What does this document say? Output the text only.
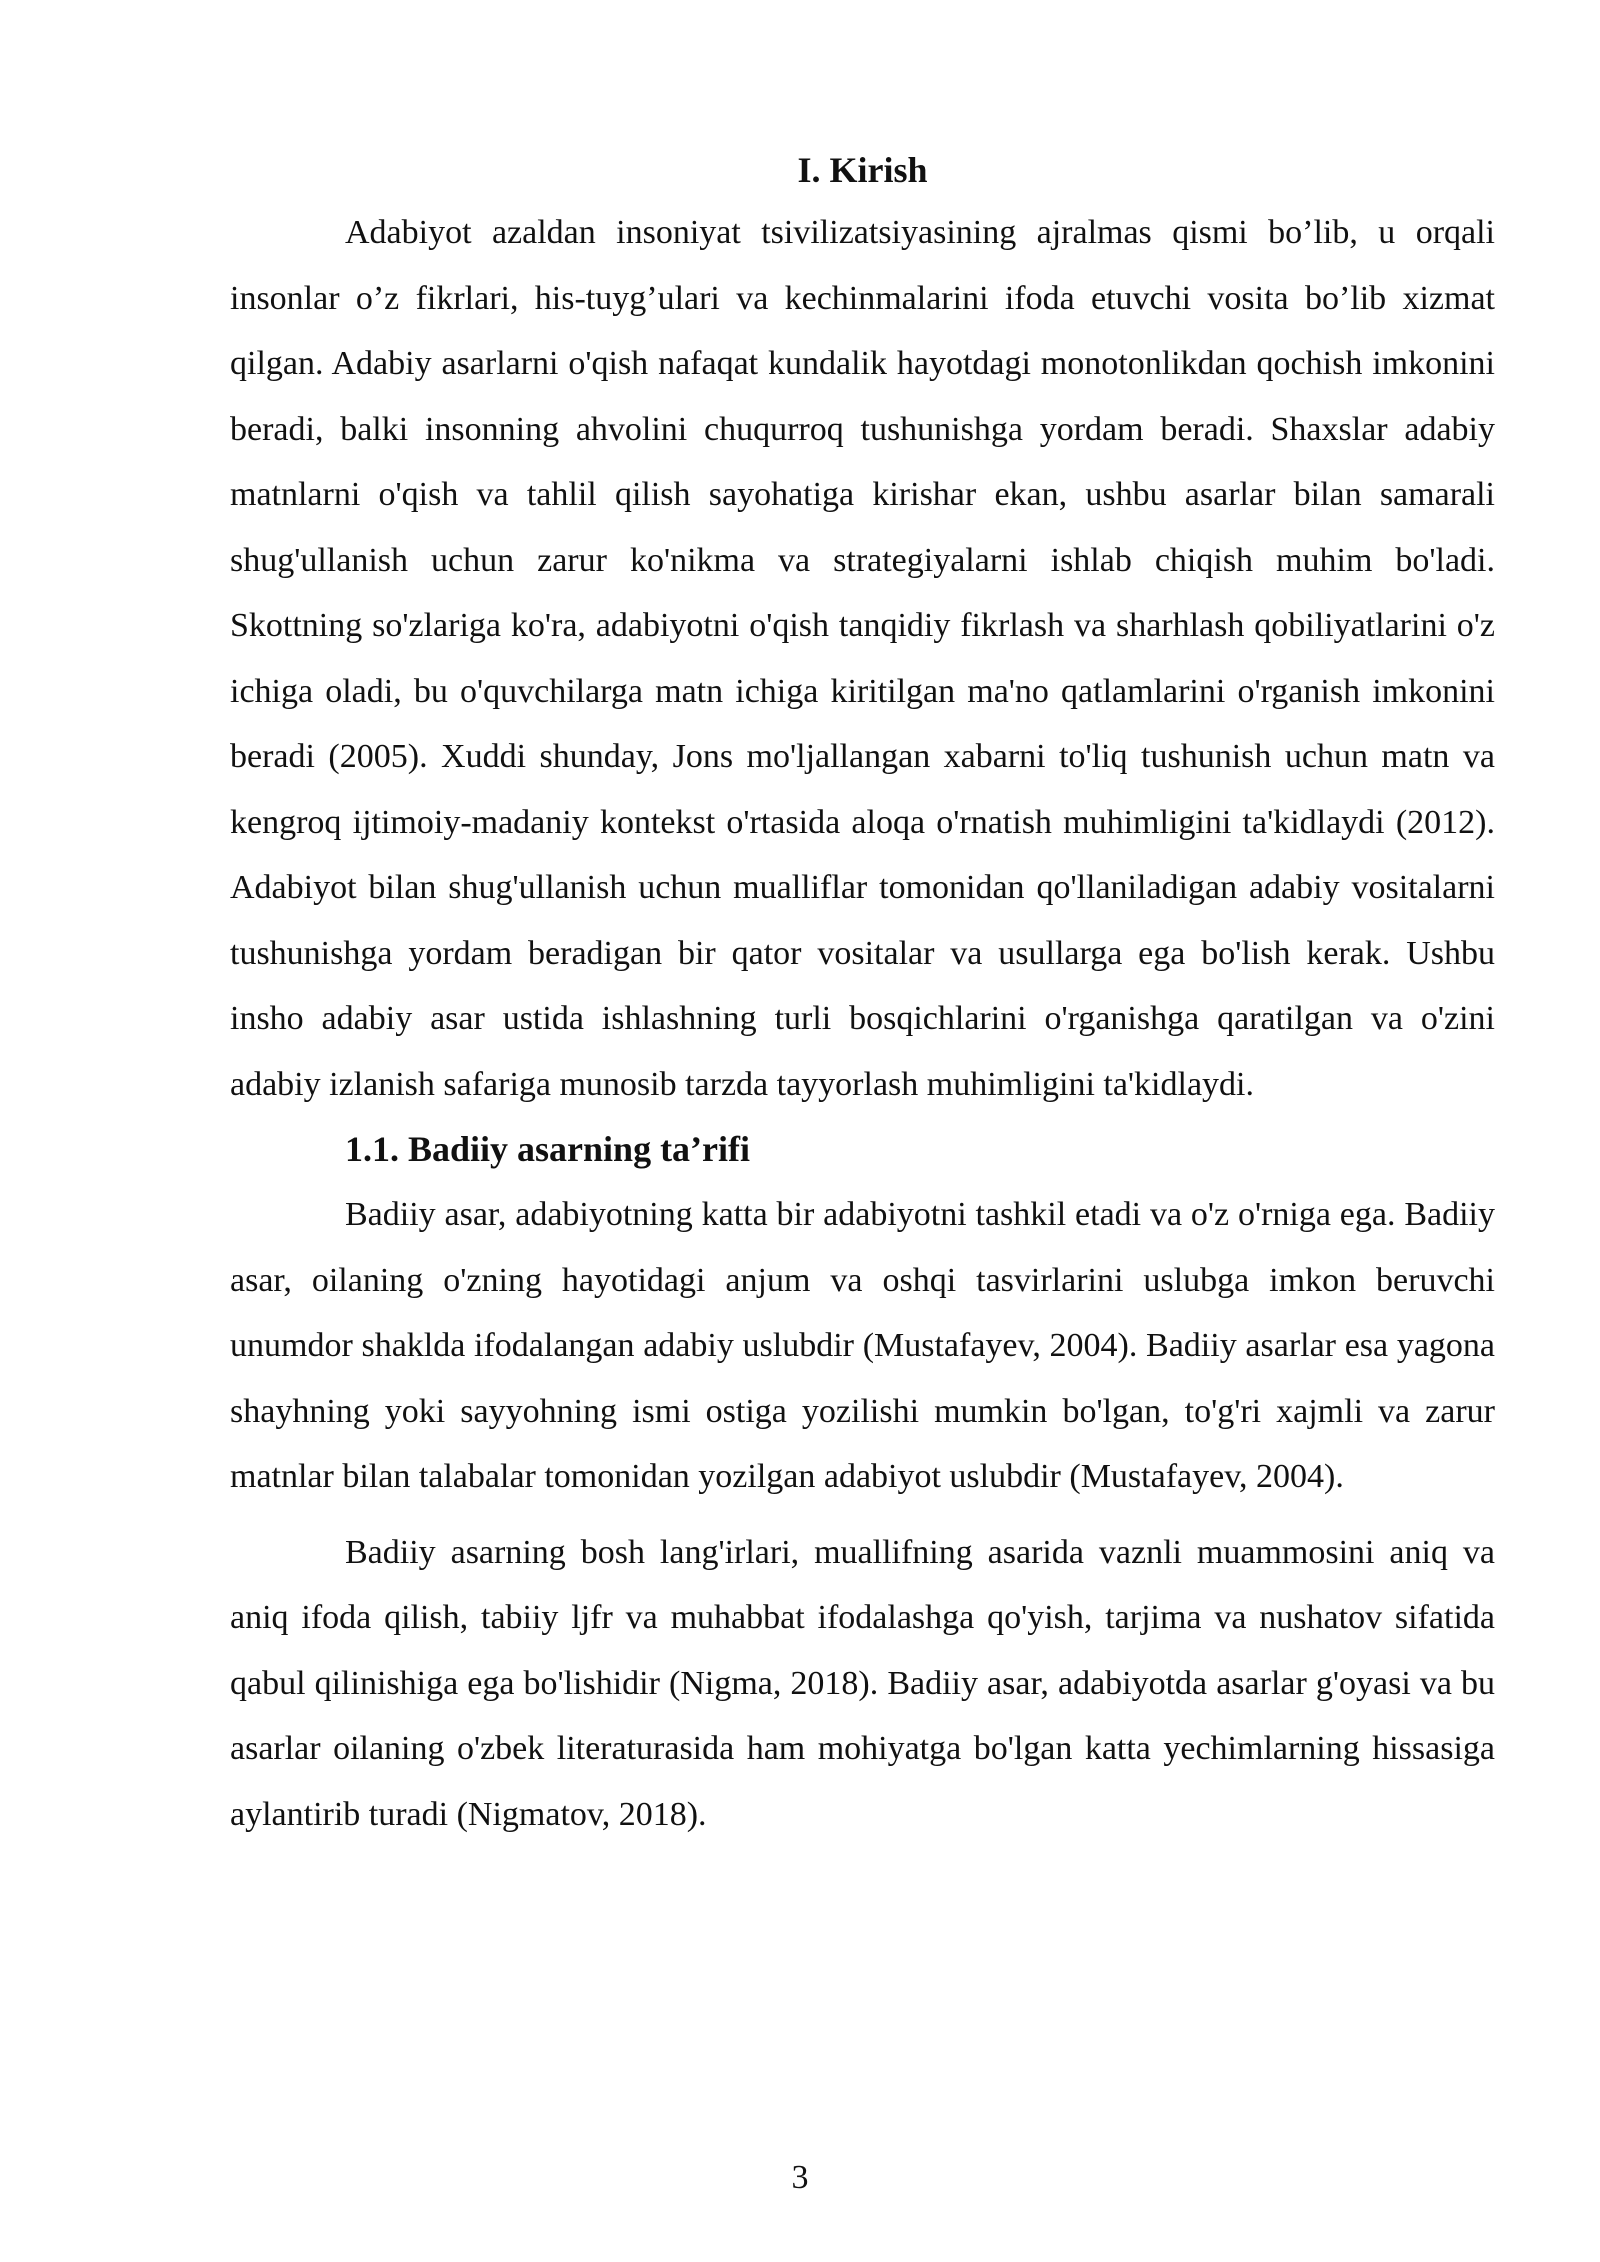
I. Kirish

Adabiyot azaldan insoniyat tsivilizatsiyasining ajralmas qismi bo’lib, u orqali insonlar o’z fikrlari, his-tuyg’ulari va kechinmalarini ifoda etuvchi vosita bo’lib xizmat qilgan. Adabiy asarlarni o'qish nafaqat kundalik hayotdagi monotonlikdan qochish imkonini beradi, balki insonning ahvolini chuqurroq tushunishga yordam beradi. Shaxslar adabiy matnlarni o'qish va tahlil qilish sayohatiga kirishar ekan, ushbu asarlar bilan samarali shug'ullanish uchun zarur ko'nikma va strategiyalarni ishlab chiqish muhim bo'ladi. Skottning so'zlariga ko'ra, adabiyotni o'qish tanqidiy fikrlash va sharhlash qobiliyatlarini o'z ichiga oladi, bu o'quvchilarga matn ichiga kiritilgan ma'no qatlamlarini o'rganish imkonini beradi (2005). Xuddi shunday, Jons mo'ljallangan xabarni to'liq tushunish uchun matn va kengroq ijtimoiy-madaniy kontekst o'rtasida aloqa o'rnatish muhimligini ta'kidlaydi (2012). Adabiyot bilan shug'ullanish uchun mualliflar tomonidan qo'llaniladigan adabiy vositalarni tushunishga yordam beradigan bir qator vositalar va usullarga ega bo'lish kerak. Ushbu insho adabiy asar ustida ishlashning turli bosqichlarini o'rganishga qaratilgan va o'zini adabiy izlanish safariga munosib tarzda tayyorlash muhimligini ta'kidlaydi.

1.1. Badiiy asarning ta’rifi

Badiiy asar, adabiyotning katta bir adabiyotni tashkil etadi va o'z o'rniga ega. Badiiy asar, oilaning o'zning hayotidagi anjum va oshqi tasvirlarini uslubga imkon beruvchi unumdor shaklda ifodalangan adabiy uslubdir (Mustafayev, 2004). Badiiy asarlar esa yagona shayhning yoki sayyohning ismi ostiga yozilishi mumkin bo'lgan, to'g'ri xajmli va zarur matnlar bilan talabalar tomonidan yozilgan adabiyot uslubdir (Mustafayev, 2004).

Badiiy asarning bosh lang'irlari, muallifning asarida vaznli muammosini aniq va aniq ifoda qilish, tabiiy ljfr va muhabbat ifodalashga qo'yish, tarjima va nushatov sifatida qabul qilinishiga ega bo'lishidir (Nigma, 2018). Badiiy asar, adabiyotda asarlar g'oyasi va bu asarlar oilaning o'zbek literaturasida ham mohiyatga bo'lgan katta yechimlarning hissasiga aylantirib turadi (Nigmatov, 2018).

3
